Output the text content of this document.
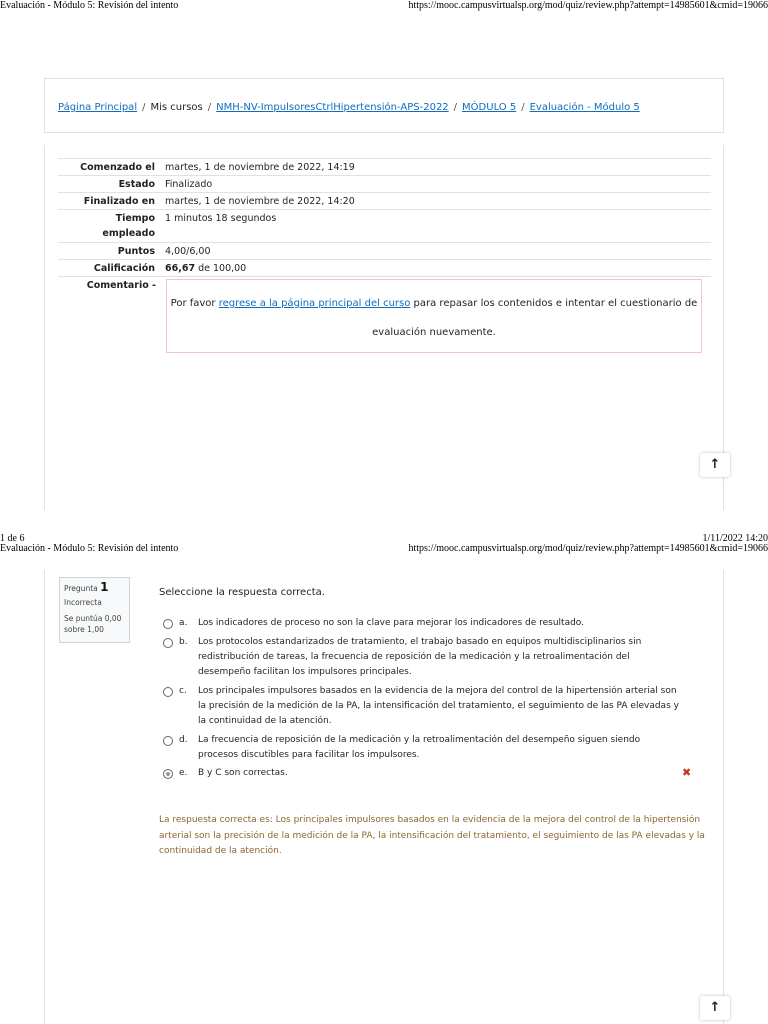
Evaluación - Módulo 5: Revisión del intento	https://mooc.campusvirtualsp.org/mod/quiz/review.php?attempt=14985601&cmid=19066
Página Principal / Mis cursos / NMH-NV-ImpulsoresCtrlHipertensión-APS-2022 / MÓDULO 5 / Evaluación - Módulo 5
Comenzado el martes, 1 de noviembre de 2022, 14:19
Estado Finalizado
Finalizado en martes, 1 de noviembre de 2022, 14:20
Tiempo
empleado
1 minutos 18 segundos
Puntos 4,00/6,00
Calificación 66,67 de 100,00
Comentario -
Por favor regrese a la página principal del curso para repasar los contenidos e intentar el cuestionario de
evaluación nuevamente.
↑
1 de 6	1/11/2022 14:20
Evaluación - Módulo 5: Revisión del intento	https://mooc.campusvirtualsp.org/mod/quiz/review.php?attempt=14985601&cmid=19066
Pregunta 1
Incorrecta
Se puntúa 0,00
sobre 1,00
Seleccione la respuesta correcta.
a. Los indicadores de proceso no son la clave para mejorar los indicadores de resultado.
b. Los protocolos estandarizados de tratamiento, el trabajo basado en equipos multidisciplinarios sin redistribución de tareas, la frecuencia de reposición de la medicación y la retroalimentación del desempeño facilitan los impulsores principales.
c. Los principales impulsores basados en la evidencia de la mejora del control de la hipertensión arterial son la precisión de la medición de la PA, la intensificación del tratamiento, el seguimiento de las PA elevadas y la continuidad de la atención.
d. La frecuencia de reposición de la medicación y la retroalimentación del desempeño siguen siendo procesos discutibles para facilitar los impulsores.
e. B y C son correctas.	✖
La respuesta correcta es: Los principales impulsores basados en la evidencia de la mejora del control de la hipertensión arterial son la precisión de la medición de la PA, la intensificación del tratamiento, el seguimiento de las PA elevadas y la continuidad de la atención.
↑
